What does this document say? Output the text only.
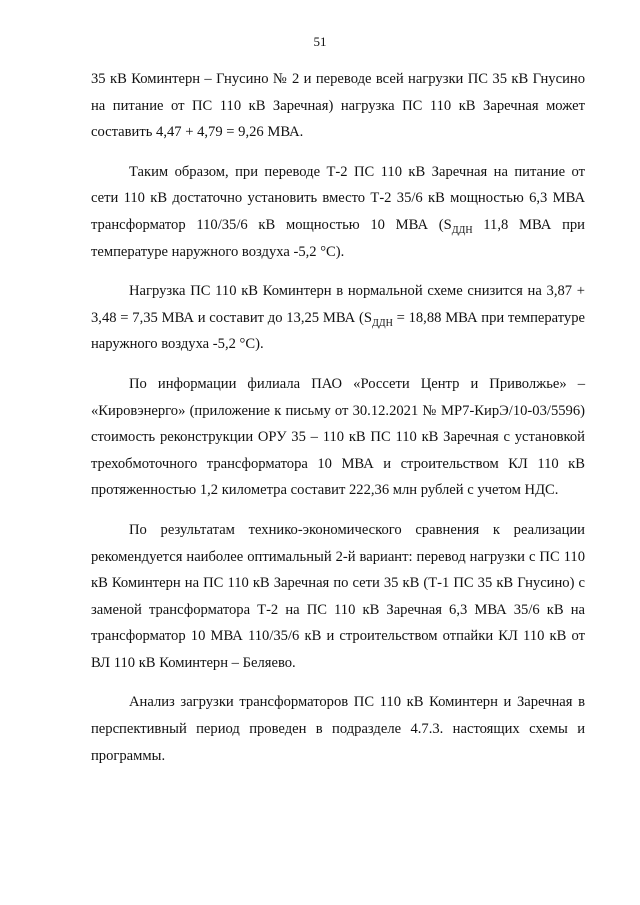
51

35 кВ Коминтерн – Гнусино № 2 и переводе всей нагрузки ПС 35 кВ Гнусино на питание от ПС 110 кВ Заречная) нагрузка ПС 110 кВ Заречная может составить 4,47 + 4,79 = 9,26 МВА.

Таким образом, при переводе Т-2 ПС 110 кВ Заречная на питание от сети 110 кВ достаточно установить вместо Т-2 35/6 кВ мощностью 6,3 МВА трансформатор 110/35/6 кВ мощностью 10 МВА ($S_{ДДН}$ 11,8 МВА при температуре наружного воздуха -5,2 °С).

Нагрузка ПС 110 кВ Коминтерн в нормальной схеме снизится на 3,87 + 3,48 = 7,35 МВА и составит до 13,25 МВА ($S_{ДДН} = 18,88$ МВА при температуре наружного воздуха -5,2 °С).

По информации филиала ПАО «Россети Центр и Приволжье» – «Кировэнерго» (приложение к письму от 30.12.2021 № МР7-КирЭ/10-03/5596) стоимость реконструкции ОРУ 35 – 110 кВ ПС 110 кВ Заречная с установкой трехобмоточного трансформатора 10 МВА и строительством КЛ 110 кВ протяженностью 1,2 километра составит 222,36 млн рублей с учетом НДС.

По результатам технико-экономического сравнения к реализации рекомендуется наиболее оптимальный 2-й вариант: перевод нагрузки с ПС 110 кВ Коминтерн на ПС 110 кВ Заречная по сети 35 кВ (Т-1 ПС 35 кВ Гнусино) с заменой трансформатора Т-2 на ПС 110 кВ Заречная 6,3 МВА 35/6 кВ на трансформатор 10 МВА 110/35/6 кВ и строительством отпайки КЛ 110 кВ от ВЛ 110 кВ Коминтерн – Беляево.

Анализ загрузки трансформаторов ПС 110 кВ Коминтерн и Заречная в перспективный период проведен в подразделе 4.7.3. настоящих схемы и программы.
